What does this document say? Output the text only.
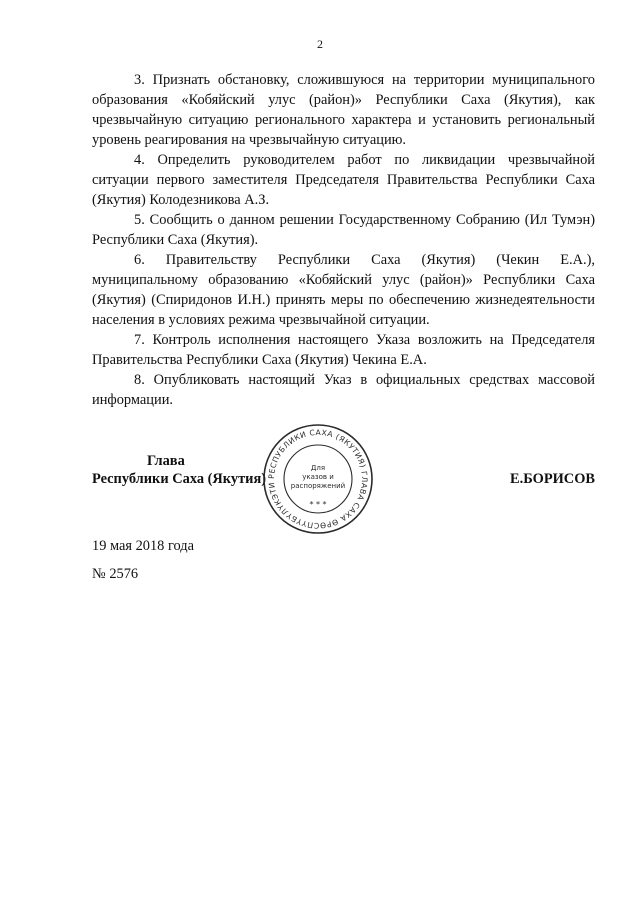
2

3. Признать обстановку, сложившуюся на территории муниципального образования «Кобяйский улус (район)» Республики Саха (Якутия), как чрезвычайную ситуацию регионального характера и установить региональный уровень реагирования на чрезвычайную ситуацию.

4. Определить руководителем работ по ликвидации чрезвычайной ситуации первого заместителя Председателя Правительства Республики Саха (Якутия) Колодезникова А.З.

5. Сообщить о данном решении Государственному Собранию (Ил Тумэн) Республики Саха (Якутия).

6. Правительству Республики Саха (Якутия) (Чекин Е.А.), муниципальному образованию «Кобяйский улус (район)» Республики Саха (Якутия) (Спиридонов И.Н.) принять меры по обеспечению жизнедеятельности населения в условиях режима чрезвычайной ситуации.

7. Контроль исполнения настоящего Указа возложить на Председателя Правительства Республики Саха (Якутия) Чекина Е.А.

8. Опубликовать настоящий Указ в официальных средствах массовой информации.

Глава
Республики Саха (Якутия)	Е.БОРИСОВ
РЕСПУБЛИКИ САХА (ЯКУТИЯ) ГЛАВА САХА ӨРӨСПҮҮБҮЛҮКЭТИ
Для
указов и
распоряжений
* * *
19 мая 2018 года
№ 2576
